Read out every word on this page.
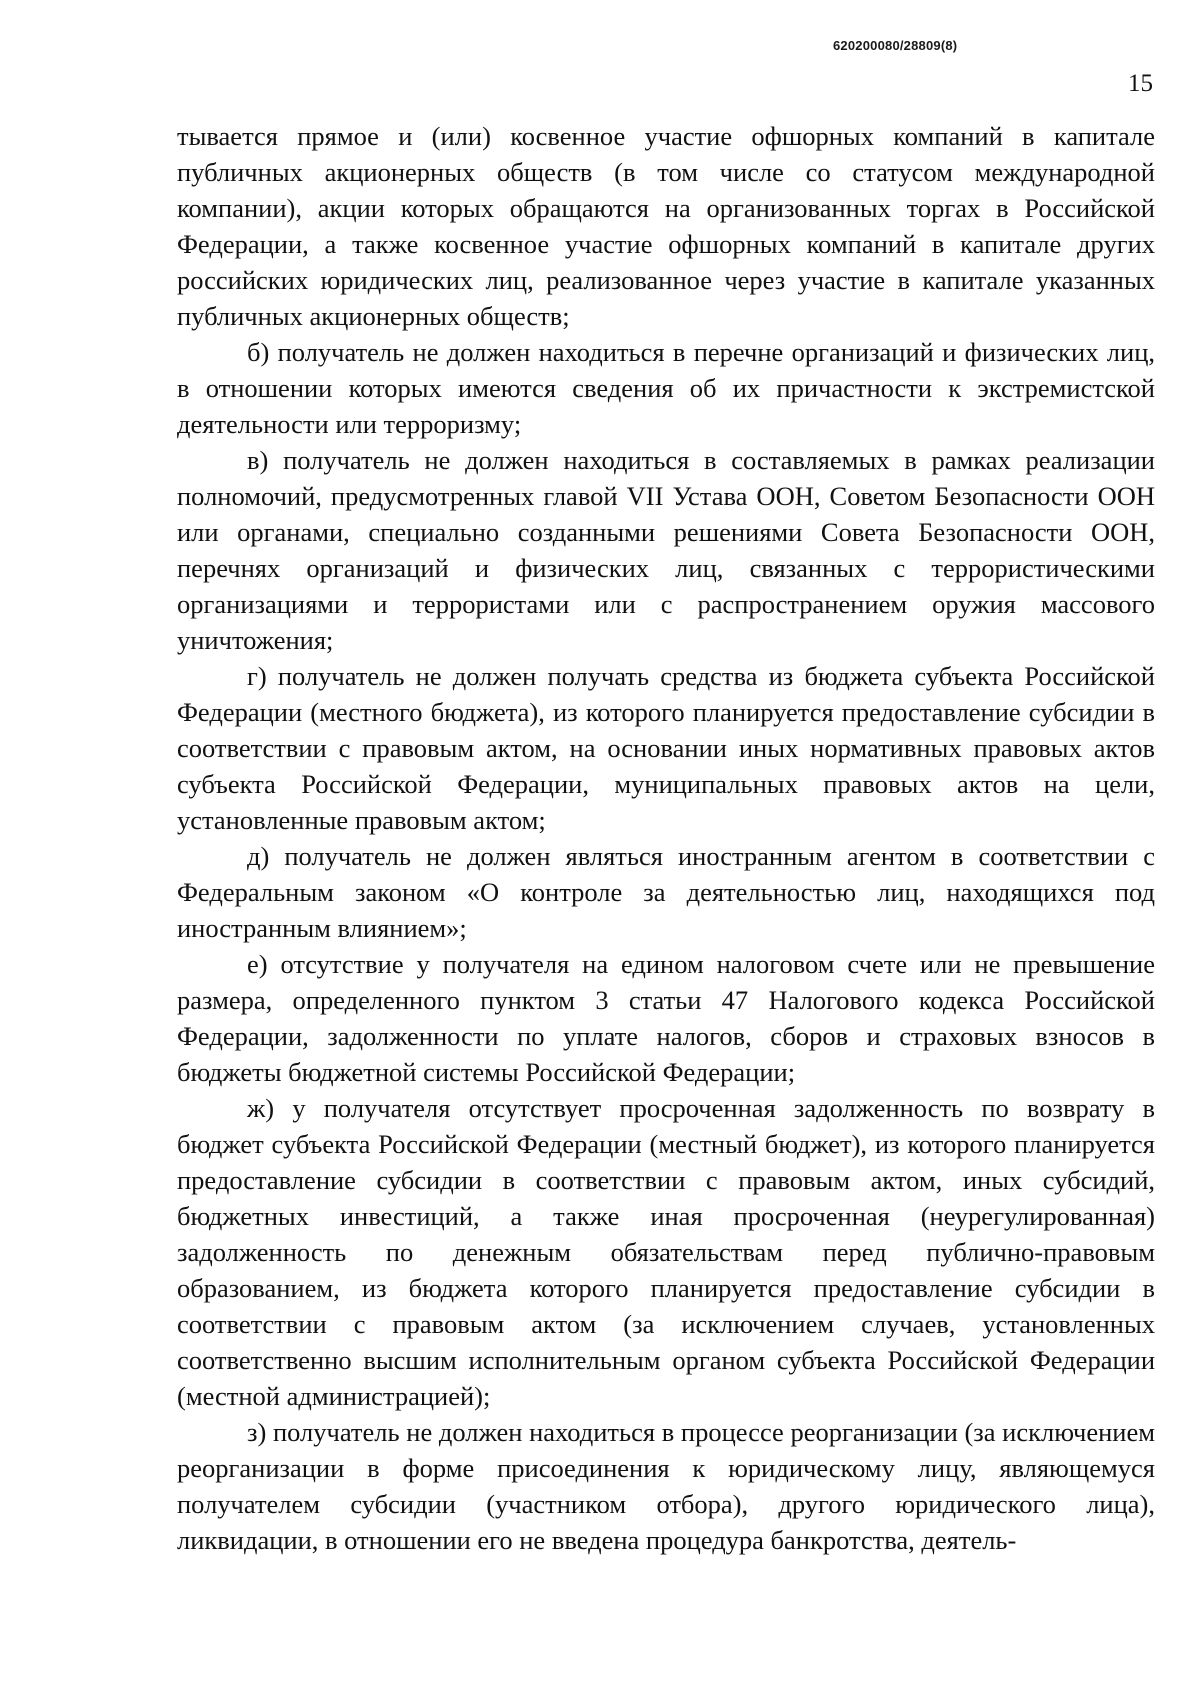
620200080/28809(8)
15

тывается прямое и (или) косвенное участие офшорных компаний в капитале публичных акционерных обществ (в том числе со статусом международной компании), акции которых обращаются на организованных торгах в Российской Федерации, а также косвенное участие офшорных компаний в капитале других российских юридических лиц, реализованное через участие в капитале указанных публичных акционерных обществ;

б) получатель не должен находиться в перечне организаций и физических лиц, в отношении которых имеются сведения об их причастности к экстремистской деятельности или терроризму;

в) получатель не должен находиться в составляемых в рамках реализации полномочий, предусмотренных главой VII Устава ООН, Советом Безопасности ООН или органами, специально созданными решениями Совета Безопасности ООН, перечнях организаций и физических лиц, связанных с террористическими организациями и террористами или с распространением оружия массового уничтожения;

г) получатель не должен получать средства из бюджета субъекта Российской Федерации (местного бюджета), из которого планируется предоставление субсидии в соответствии с правовым актом, на основании иных нормативных правовых актов субъекта Российской Федерации, муниципальных правовых актов на цели, установленные правовым актом;

д) получатель не должен являться иностранным агентом в соответствии с Федеральным законом «О контроле за деятельностью лиц, находящихся под иностранным влиянием»;

е) отсутствие у получателя на едином налоговом счете или не превышение размера, определенного пунктом 3 статьи 47 Налогового кодекса Российской Федерации, задолженности по уплате налогов, сборов и страховых взносов в бюджеты бюджетной системы Российской Федерации;

ж) у получателя отсутствует просроченная задолженность по возврату в бюджет субъекта Российской Федерации (местный бюджет), из которого планируется предоставление субсидии в соответствии с правовым актом, иных субсидий, бюджетных инвестиций, а также иная просроченная (неурегулированная) задолженность по денежным обязательствам перед публично-правовым образованием, из бюджета которого планируется предоставление субсидии в соответствии с правовым актом (за исключением случаев, установленных соответственно высшим исполнительным органом субъекта Российской Федерации (местной администрацией);

з) получатель не должен находиться в процессе реорганизации (за исключением реорганизации в форме присоединения к юридическому лицу, являющемуся получателем субсидии (участником отбора), другого юридического лица), ликвидации, в отношении его не введена процедура банкротства, деятель-
